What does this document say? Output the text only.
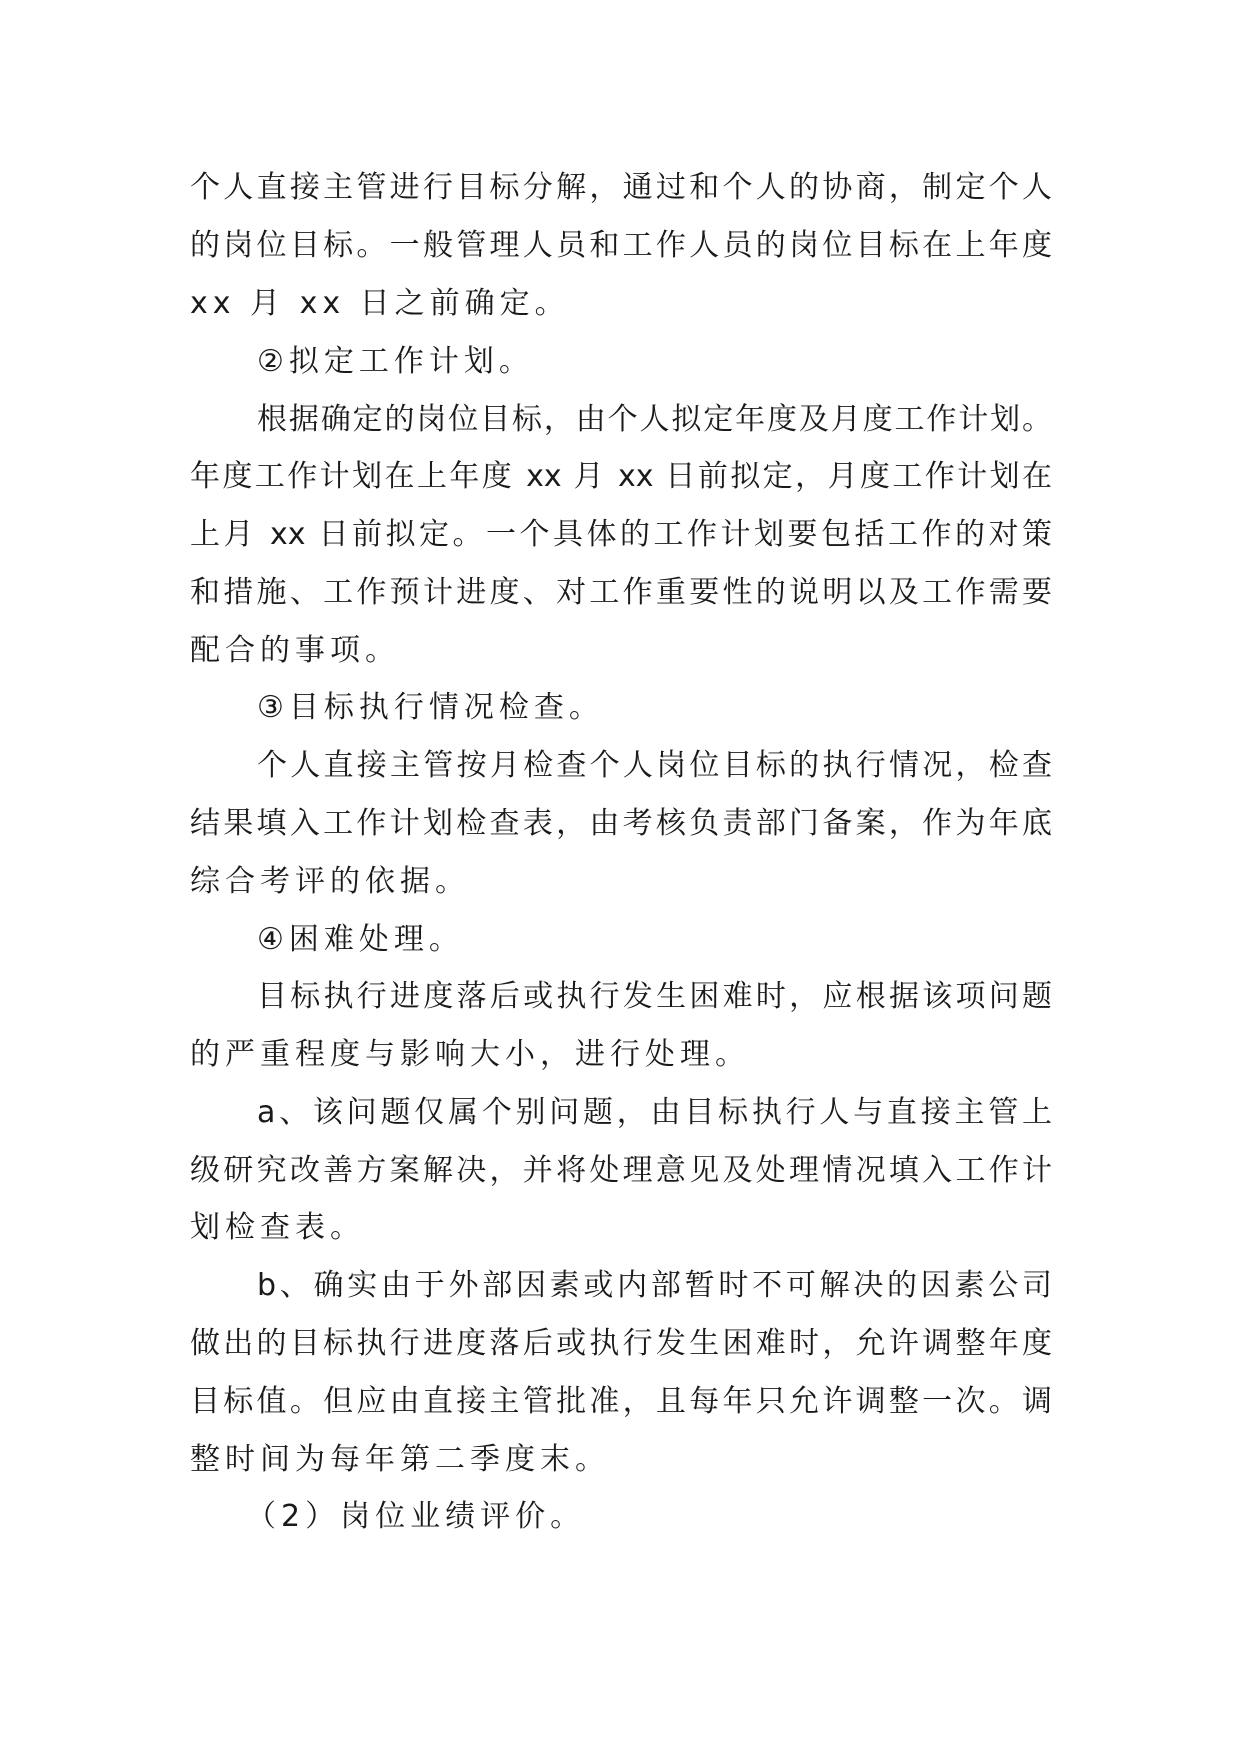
个人直接主管进行目标分解，通过和个人的协商，制定个人

的岗位目标。一般管理人员和工作人员的岗位目标在上年度

xx 月 xx 日之前确定。

②拟定工作计划。

根据确定的岗位目标，由个人拟定年度及月度工作计划。

年度工作计划在上年度 xx 月 xx 日前拟定，月度工作计划在

上月 xx 日前拟定。一个具体的工作计划要包括工作的对策

和措施、工作预计进度、对工作重要性的说明以及工作需要

配合的事项。

③目标执行情况检查。

个人直接主管按月检查个人岗位目标的执行情况，检查

结果填入工作计划检查表，由考核负责部门备案，作为年底

综合考评的依据。

④困难处理。

目标执行进度落后或执行发生困难时，应根据该项问题

的严重程度与影响大小，进行处理。

a、该问题仅属个别问题，由目标执行人与直接主管上

级研究改善方案解决，并将处理意见及处理情况填入工作计

划检查表。

b、确实由于外部因素或内部暂时不可解决的因素公司

做出的目标执行进度落后或执行发生困难时，允许调整年度

目标值。但应由直接主管批准，且每年只允许调整一次。调

整时间为每年第二季度末。

（2）岗位业绩评价。
